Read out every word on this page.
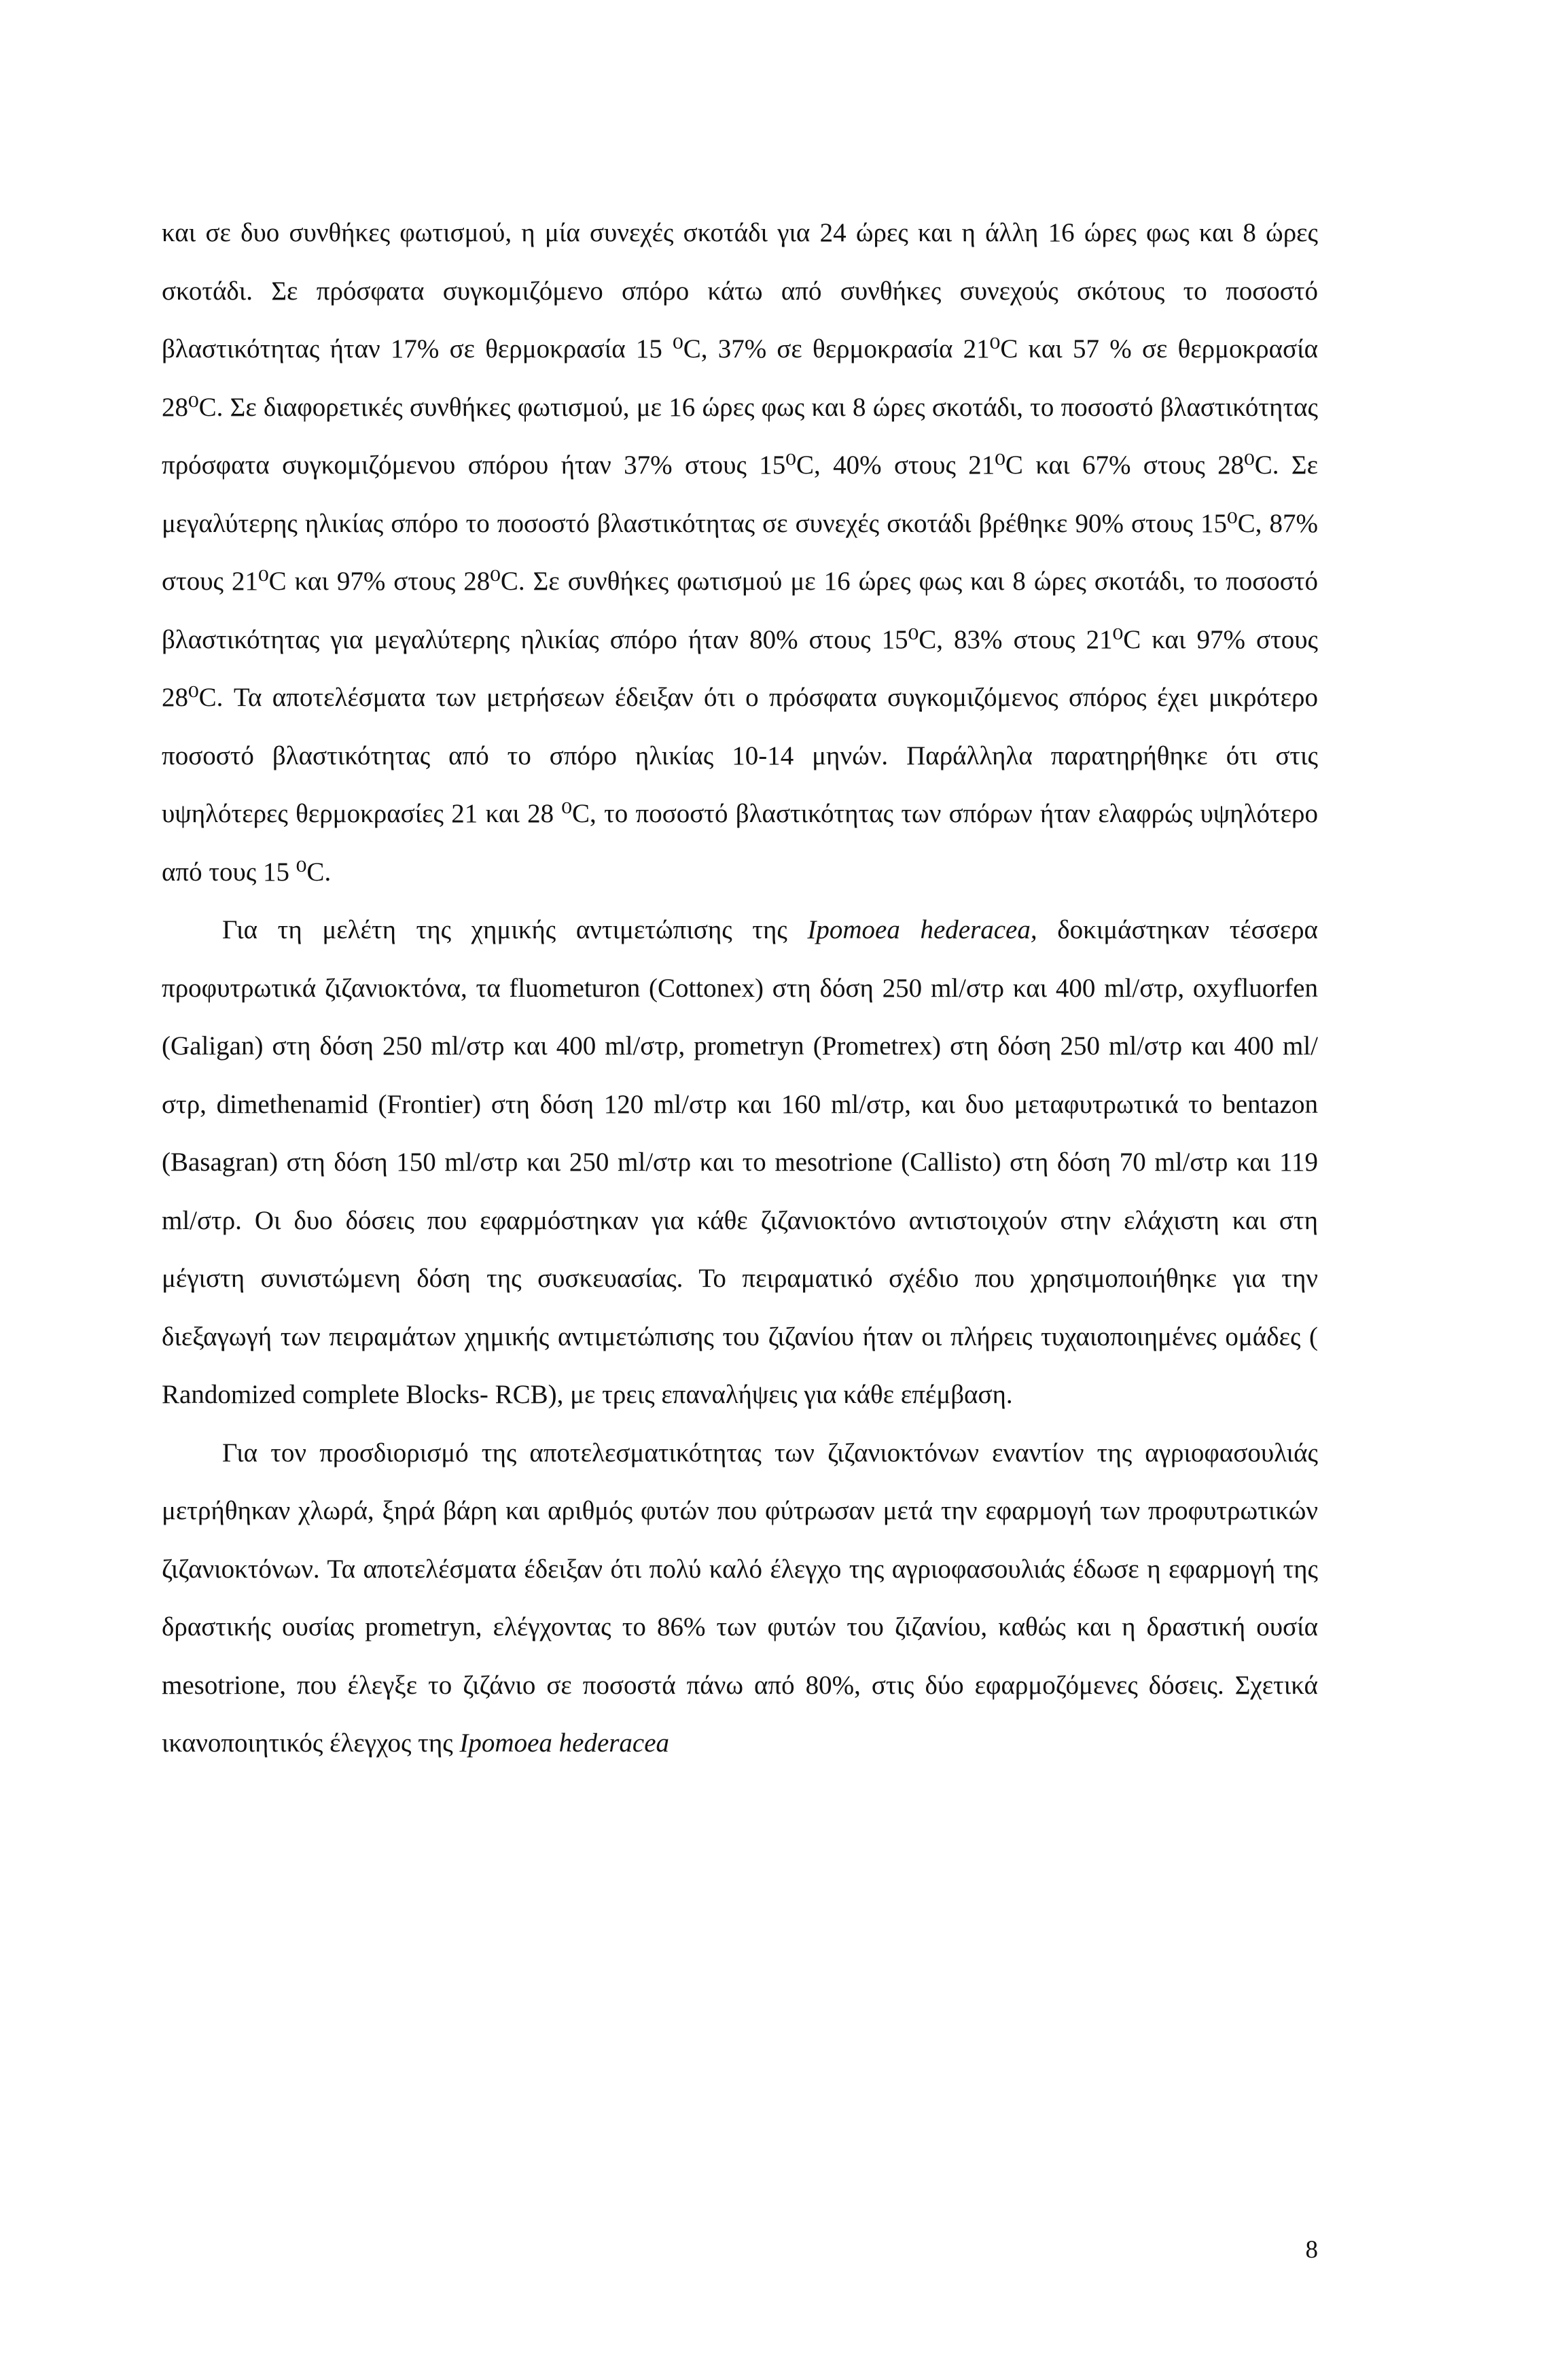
και σε δυο συνθήκες φωτισμού, η μία συνεχές σκοτάδι για 24 ώρες και η άλλη 16 ώρες φως και 8 ώρες σκοτάδι. Σε πρόσφατα συγκομιζόμενο σπόρο κάτω από συνθήκες συνεχούς σκότους το ποσοστό βλαστικότητας ήταν 17% σε θερμοκρασία 15 ⁰C, 37% σε θερμοκρασία 21⁰C και 57 % σε θερμοκρασία 28⁰C. Σε διαφορετικές συνθήκες φωτισμού, με 16 ώρες φως και 8 ώρες σκοτάδι, το ποσοστό βλαστικότητας πρόσφατα συγκομιζόμενου σπόρου ήταν 37% στους 15⁰C, 40% στους 21⁰C και 67% στους 28⁰C. Σε μεγαλύτερης ηλικίας σπόρο το ποσοστό βλαστικότητας σε συνεχές σκοτάδι βρέθηκε 90% στους 15⁰C, 87% στους 21⁰C και 97% στους 28⁰C. Σε συνθήκες φωτισμού με 16 ώρες φως και 8 ώρες σκοτάδι, το ποσοστό βλαστικότητας για μεγαλύτερης ηλικίας σπόρο ήταν 80% στους 15⁰C, 83% στους 21⁰C και 97% στους 28⁰C. Τα αποτελέσματα των μετρήσεων έδειξαν ότι ο πρόσφατα συγκομιζόμενος σπόρος έχει μικρότερο ποσοστό βλαστικότητας από το σπόρο ηλικίας 10-14 μηνών. Παράλληλα παρατηρήθηκε ότι στις υψηλότερες θερμοκρασίες 21 και 28 ⁰C, το ποσοστό βλαστικότητας των σπόρων ήταν ελαφρώς υψηλότερο από τους 15 ⁰C.

Για τη μελέτη της χημικής αντιμετώπισης της Ipomoea hederacea, δοκιμάστηκαν τέσσερα προφυτρωτικά ζιζανιοκτόνα, τα fluometuron (Cottonex) στη δόση 250 ml/στρ και 400 ml/στρ, oxyfluorfen (Galigan) στη δόση 250 ml/στρ και 400 ml/στρ, prometryn (Prometrex) στη δόση 250 ml/στρ και 400 ml/στρ, dimethenamid (Frontier) στη δόση 120 ml/στρ και 160 ml/στρ, και δυο μεταφυτρωτικά το bentazon (Basagran) στη δόση 150 ml/στρ και 250 ml/στρ και το mesotrione (Callisto) στη δόση 70 ml/στρ και 119 ml/στρ. Οι δυο δόσεις που εφαρμόστηκαν για κάθε ζιζανιοκτόνο αντιστοιχούν στην ελάχιστη και στη μέγιστη συνιστώμενη δόση της συσκευασίας. Το πειραματικό σχέδιο που χρησιμοποιήθηκε για την διεξαγωγή των πειραμάτων χημικής αντιμετώπισης του ζιζανίου ήταν οι πλήρεις τυχαιοποιημένες ομάδες ( Randomized complete Blocks- RCB), με τρεις επαναλήψεις για κάθε επέμβαση.

Για τον προσδιορισμό της αποτελεσματικότητας των ζιζανιοκτόνων εναντίον της αγριοφασουλιάς μετρήθηκαν χλωρά, ξηρά βάρη και αριθμός φυτών που φύτρωσαν μετά την εφαρμογή των προφυτρωτικών ζιζανιοκτόνων. Τα αποτελέσματα έδειξαν ότι πολύ καλό έλεγχο της αγριοφασουλιάς έδωσε η εφαρμογή της δραστικής ουσίας prometryn, ελέγχοντας το 86% των φυτών του ζιζανίου, καθώς και η δραστική ουσία mesotrione, που έλεγξε το ζιζάνιο σε ποσοστά πάνω από 80%, στις δύο εφαρμοζόμενες δόσεις. Σχετικά ικανοποιητικός έλεγχος της Ipomoea hederacea

8
